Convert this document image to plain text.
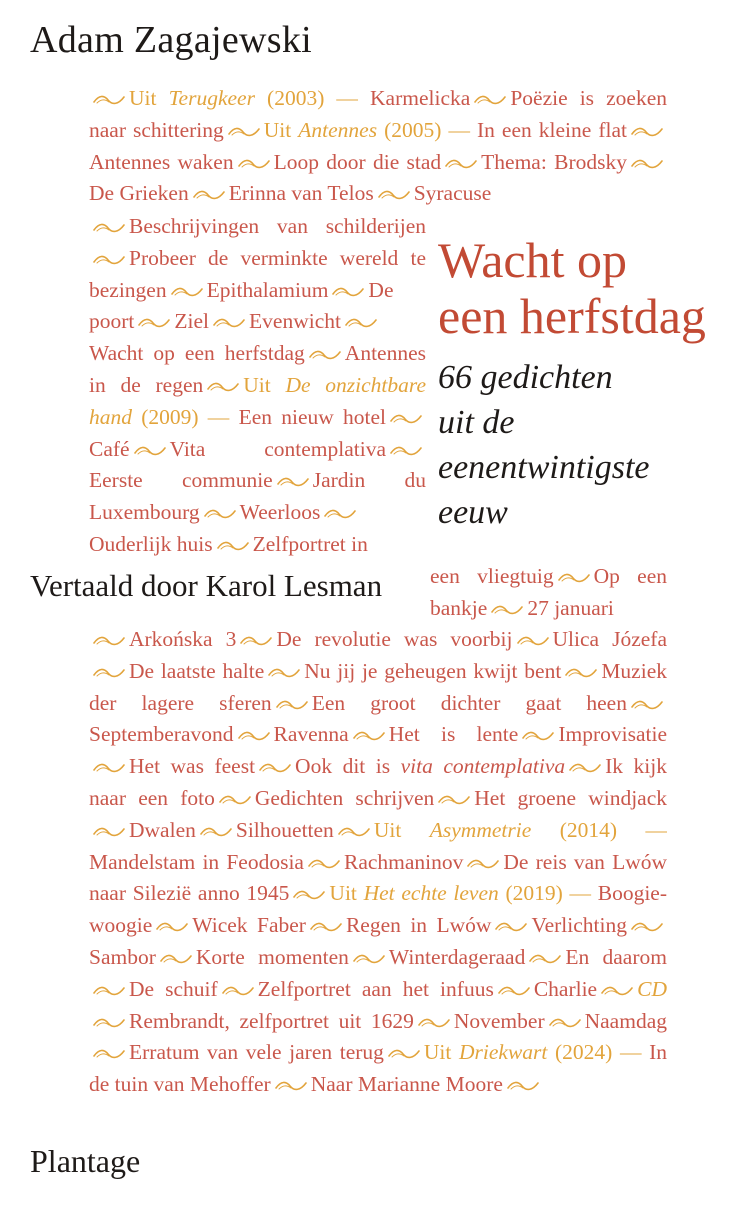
Adam Zagajewski
Wacht op
een herfstdag
66 gedichten
uit de
eenentwintigste
eeuw
Vertaald door Karol Lesman
Plantage
Uit Terugkeer (2003) — Karmelicka Poëzie is zoeken naar schittering Uit Antennes (2005) — In een kleine flat
Antennes waken Loop door die stad Thema: Brodsky
De Grieken Erinna van Telos Syracuse
Beschrijvingen van schilderijen
Probeer de verminkte wereld te bezingen Epithalamium De poort Ziel Evenwicht
Wacht op een herfstdag Antennes in de regen Uit De onzichtbare hand (2009) — Een nieuw hotel
Café Vita contemplativa
Eerste communie Jardin du Luxembourg Weerloos
Ouderlijk huis Zelfportret in
een vliegtuig Op een bankje 27 januari
Arkońska 3 De revolutie was voorbij Ulica Józefa
De laatste halte Nu jij je geheugen kwijt bent Muziek der lagere sferen Een groot dichter gaat heen
Septemberavond Ravenna Het is lente Improvisatie
Het was feest Ook dit is vita contemplativa Ik kijk naar een foto Gedichten schrijven Het groene windjack
Dwalen Silhouetten Uit Asymmetrie (2014) — Mandelstam in Feodosia Rachmaninov De reis van Lwów naar Silezië anno 1945 Uit Het echte leven (2019) — Boogie-woogie Wicek Faber Regen in Lwów Verlichting
Sambor Korte momenten Winterdageraad En daarom
De schuif Zelfportret aan het infuus Charlie CD
Rembrandt, zelfportret uit 1629 November Naamdag
Erratum van vele jaren terug Uit Driekwart (2024) — In de tuin van Mehoffer Naar Marianne Moore
